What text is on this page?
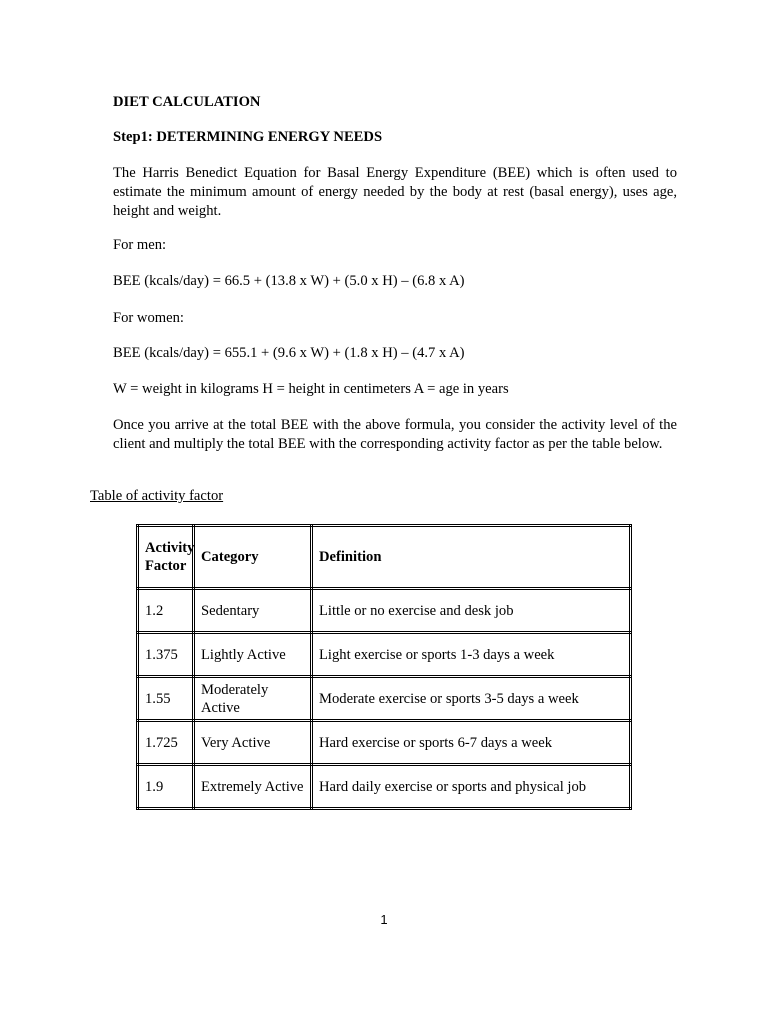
DIET CALCULATION

Step1: DETERMINING ENERGY NEEDS

The Harris Benedict Equation for Basal Energy Expenditure (BEE) which is often used to estimate the minimum amount of energy needed by the body at rest (basal energy), uses age, height and weight.

For men:

BEE (kcals/day) = 66.5 + (13.8 x W) + (5.0 x H) – (6.8 x A)

For women:

BEE (kcals/day) = 655.1 + (9.6 x W) + (1.8 x H) – (4.7 x A)

W = weight in kilograms H = height in centimeters A = age in years

Once you arrive at the total BEE with the above formula, you consider the activity level of the client and multiply the total BEE with the corresponding activity factor as per the table below.

Table of activity factor

Activity Factor	Category	Definition
1.2	Sedentary	Little or no exercise and desk job
1.375	Lightly Active	Light exercise or sports 1-3 days a week
1.55	Moderately Active	Moderate exercise or sports 3-5 days a week
1.725	Very Active	Hard exercise or sports 6-7 days a week
1.9	Extremely Active	Hard daily exercise or sports and physical job
1
